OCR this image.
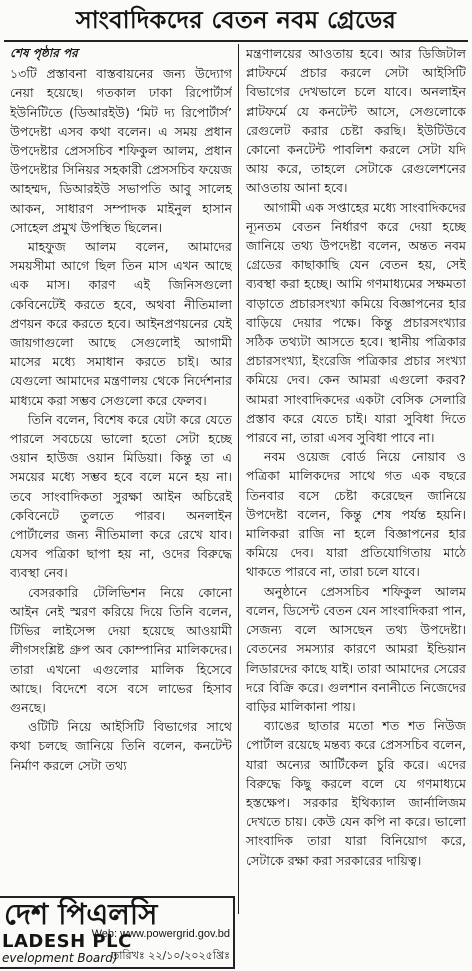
সাংবাদিকদের বেতন নবম গ্রেডের
শেষ পৃষ্ঠার পর

১৩টি প্রস্তাবনা বাস্তবায়নের জন্য উদ্যোগ নেয়া হয়েছে। গতকাল ঢাকা রিপোর্টার্স ইউনিটিতে (ডিআরইউ) ‘মিট দ্য রিপোর্টার্স’ উপদেষ্টা এসব কথা বলেন। এ সময় প্রধান উপদেষ্টার প্রেসসচিব শফিকুল আলম, প্রধান উপদেষ্টার সিনিয়র সহকারী প্রেসসচিব ফয়েজ আহম্মদ, ডিআরইউ সভাপতি আবু সালেহ আকন, সাধারণ সম্পাদক মাইনুল হাসান সোহেল প্রমুখ উপস্থিত ছিলেন।

মাহফুজ আলম বলেন, আমাদের সময়সীমা আগে ছিল তিন মাস এখন আছে এক মাস। কারণ এই জিনিসগুলো কেবিনেটেই করতে হবে, অথবা নীতিমালা প্রণয়ন করে করতে হবে। আইনপ্রণয়নের যেই জায়গাগুলো আছে সেগুলোই আগামী মাসের মধ্যে সমাধান করতে চাই। আর যেগুলো আমাদের মন্ত্রণালয় থেকে নির্দেশনার মাধ্যমে করা সম্ভব সেগুলো করে ফেলব।

তিনি বলেন, বিশেষ করে যেটা করে যেতে পারলে সবচেয়ে ভালো হতো সেটা হচ্ছে ওয়ান হাউজ ওয়ান মিডিয়া। কিন্তু তা এ সময়ের মধ্যে সম্ভব হবে বলে মনে হয় না। তবে সাংবাদিকতা সুরক্ষা আইন অচিরেই কেবিনেটে তুলতে পারব। অনলাইন পোর্টালের জন্য নীতিমালা করে রেখে যাব। যেসব পত্রিকা ছাপা হয় না, ওদের বিরুদ্ধে ব্যবস্থা নেব।

বেসরকারি টেলিভিশন নিয়ে কোনো আইন নেই স্মরণ করিয়ে দিয়ে তিনি বলেন, টিভির লাইসেন্স দেয়া হয়েছে আওয়ামী লীগসংশ্লিষ্ট গ্রুপ অব কোম্পানির মালিকদের। তারা এখনো এগুলোর মালিক হিসেবে আছে। বিদেশে বসে বসে লাভের হিসাব গুনছে।

ওটিটি নিয়ে আইসিটি বিভাগের সাথে কথা চলছে জানিয়ে তিনি বলেন, কনটেন্ট নির্মাণ করলে সেটা তথ্য

মন্ত্রণালয়ের আওতায় হবে। আর ডিজিটাল প্লাটফর্মে প্রচার করলে সেটা আইসিটি বিভাগের দেখভালে চলে যাবে। অনলাইন প্লাটফর্মে যে কনটেন্ট আসে, সেগুলোকে রেগুলেট করার চেষ্টা করছি। ইউটিউবে কোনো কনটেন্ট পাবলিশ করলে সেটা যদি আয় করে, তাহলে সেটাকে রেগুলেশনের আওতায় আনা হবে।

আগামী এক সপ্তাহের মধ্যে সাংবাদিকদের ন্যূনতম বেতন নির্ধারণ করে দেয়া হচ্ছে জানিয়ে তথ্য উপদেষ্টা বলেন, অন্তত নবম গ্রেডের কাছাকাছি যেন বেতন হয়, সেই ব্যবস্থা করা হচ্ছে। আমি গণমাধ্যমের সক্ষমতা বাড়াতে প্রচারসংখ্যা কমিয়ে বিজ্ঞাপনের হার বাড়িয়ে দেয়ার পক্ষে। কিন্তু প্রচারসংখ্যার সঠিক তথ্যটা আসতে হবে। স্থানীয় পত্রিকার প্রচারসংখ্যা, ইংরেজি পত্রিকার প্রচার সংখ্যা কমিয়ে দেব। কেন আমরা এগুলো করব? আমরা সাংবাদিকদের একটা বেসিক সেলারি প্রস্তাব করে যেতে চাই। যারা সুবিধা দিতে পারবে না, তারা এসব সুবিধা পাবে না।

নবম ওয়েজ বোর্ড নিয়ে নোয়াব ও পত্রিকা মালিকদের সাথে গত এক বছরে তিনবার বসে চেষ্টা করেছেন জানিয়ে উপদেষ্টা বলেন, কিন্তু শেষ পর্যন্ত হয়নি। মালিকরা রাজি না হলে বিজ্ঞাপনের হার কমিয়ে দেব। যারা প্রতিযোগিতায় মাঠে থাকতে পারবে না, তারা চলে যাবে।

অনুষ্ঠানে প্রেসসচিব শফিকুল আলম বলেন, ডিসেন্ট বেতন যেন সাংবাদিকরা পান, সেজন্য বলে আসছেন তথ্য উপদেষ্টা। বেতনের সমস্যার কারণে আমরা ইন্ডিয়ান লিডারদের কাছে যাই। তারা আমাদের সেরের দরে বিক্রি করে। গুলশান বনানীতে নিজেদের বাড়ির মালিকানা পায়।

ব্যাঙের ছাতার মতো শত শত নিউজ পোর্টাল রয়েছে মন্তব্য করে প্রেসসচিব বলেন, যারা অন্যের আর্টিকেল চুরি করে। এদের বিরুদ্ধে কিছু করলে বলে যে গণমাধ্যমে হস্তক্ষেপ। সরকার ইথিক্যাল জার্নালিজম দেখতে চায়। কেউ যেন কপি না করে। ভালো সাংবাদিক তারা যারা বিনিয়োগ করে, সেটাকে রক্ষা করা সরকারের দায়িত্ব।

দেশ পিএলসি
LADESH PLC
evelopment Board)
Web: www.powergrid.gov.bd
তারিখঃ ২২/১০/২০২৫খ্রিঃ
